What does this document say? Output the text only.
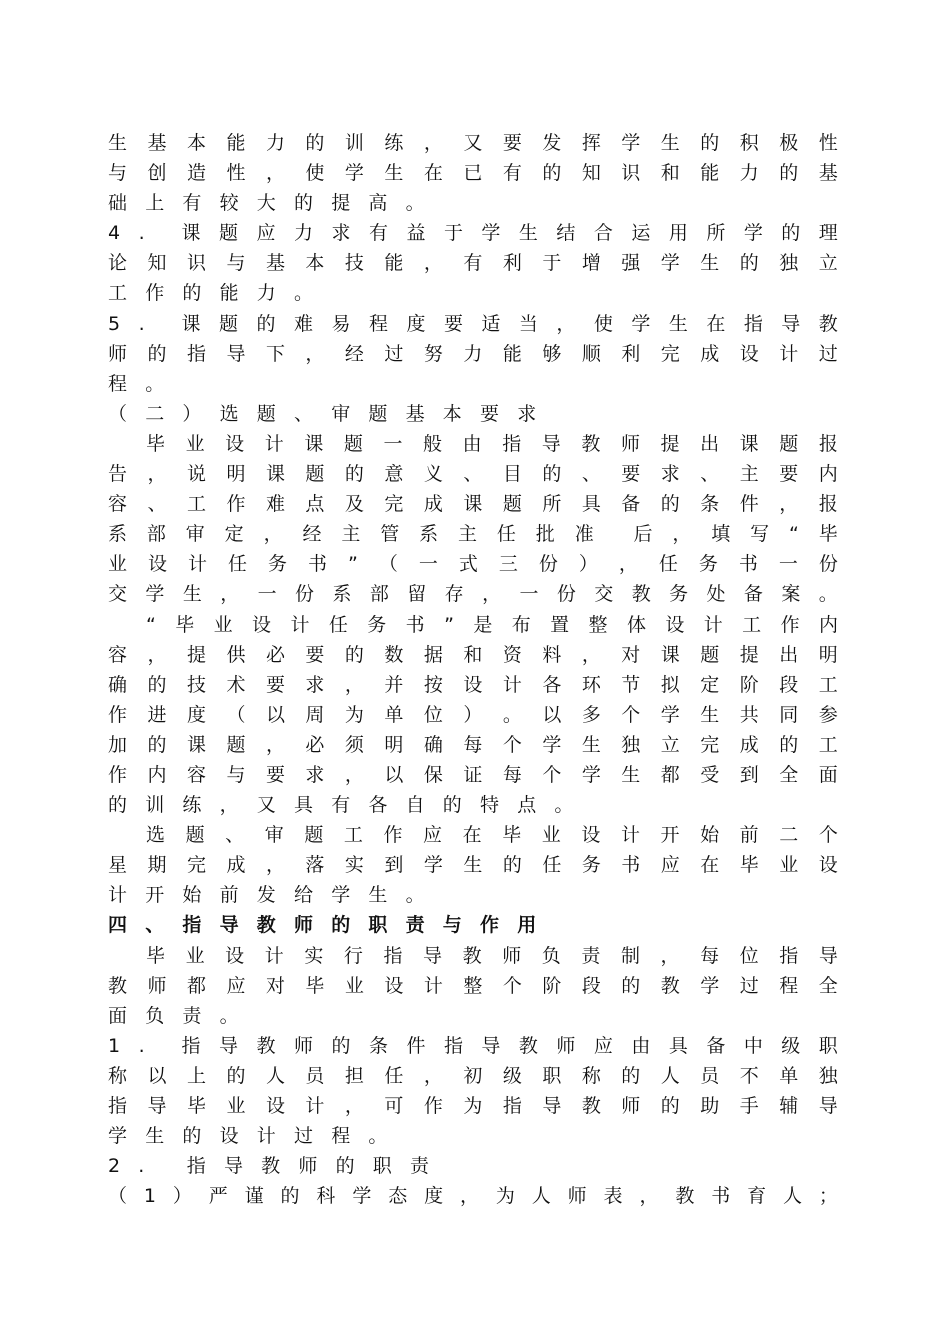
生 基 本 能 力 的 训 练 ， 又 要 发 挥 学 生 的 积 极 性
与 创 造 性 ， 使 学 生 在 已 有 的 知 识 和 能 力 的 基
础上有较大的提高。
4 . 课 题 应 力 求 有 益 于 学 生 结 合 运 用 所 学 的 理
论 知 识 与 基 本 技 能 ， 有 利 于 增 强 学 生 的 独 立
工作的能力。
5 . 课 题 的 难 易 程 度 要 适 当 ， 使 学 生 在 指 导 教
师 的 指 导 下 ， 经 过 努 力 能 够 顺 利 完 成 设 计 过
程。
（二）选题、审题基本要求
毕 业 设 计 课 题 一 般 由 指 导 教 师 提 出 课 题 报
告 ， 说 明 课 题 的 意 义 、 目 的 、 要 求 、 主 要 内
容 、 工 作 难 点 及 完 成 课 题 所 具 备 的 条 件 ， 报
系 部 审 定 ， 经 主 管 系 主 任 批 准 后 ， 填 写 “ 毕
业 设 计 任 务 书 ” （ 一 式 三 份 ） ， 任 务 书 一 份
交 学 生 ， 一 份 系 部 留 存 ， 一 份 交 教 务 处 备 案 。
“ 毕 业 设 计 任 务 书 ” 是 布 置 整 体 设 计 工 作 内
容 ， 提 供 必 要 的 数 据 和 资 料 ， 对 课 题 提 出 明
确 的 技 术 要 求 ， 并 按 设 计 各 环 节 拟 定 阶 段 工
作 进 度 （ 以 周 为 单 位 ） 。 以 多 个 学 生 共 同 参
加 的 课 题 ， 必 须 明 确 每 个 学 生 独 立 完 成 的 工
作 内 容 与 要 求 ， 以 保 证 每 个 学 生 都 受 到 全 面
的训练，又具有各自的特点。
选 题 、 审 题 工 作 应 在 毕 业 设 计 开 始 前 二 个
星 期 完 成 ， 落 实 到 学 生 的 任 务 书 应 在 毕 业 设
计开始前发给学生。
四、指导教师的职责与作用
毕 业 设 计 实 行 指 导 教 师 负 责 制 ， 每 位 指 导
教 师 都 应 对 毕 业 设 计 整 个 阶 段 的 教 学 过 程 全
面负责。
1 . 指 导 教 师 的 条 件 指 导 教 师 应 由 具 备 中 级 职
称 以 上 的 人 员 担 任 ， 初 级 职 称 的 人 员 不 单 独
指 导 毕 业 设 计 ， 可 作 为 指 导 教 师 的 助 手 辅 导
学生的设计过程。
2. 指导教师的职责
（ 1 ） 严 谨 的 科 学 态 度 ， 为 人 师 表 ， 教 书 育 人 ；
